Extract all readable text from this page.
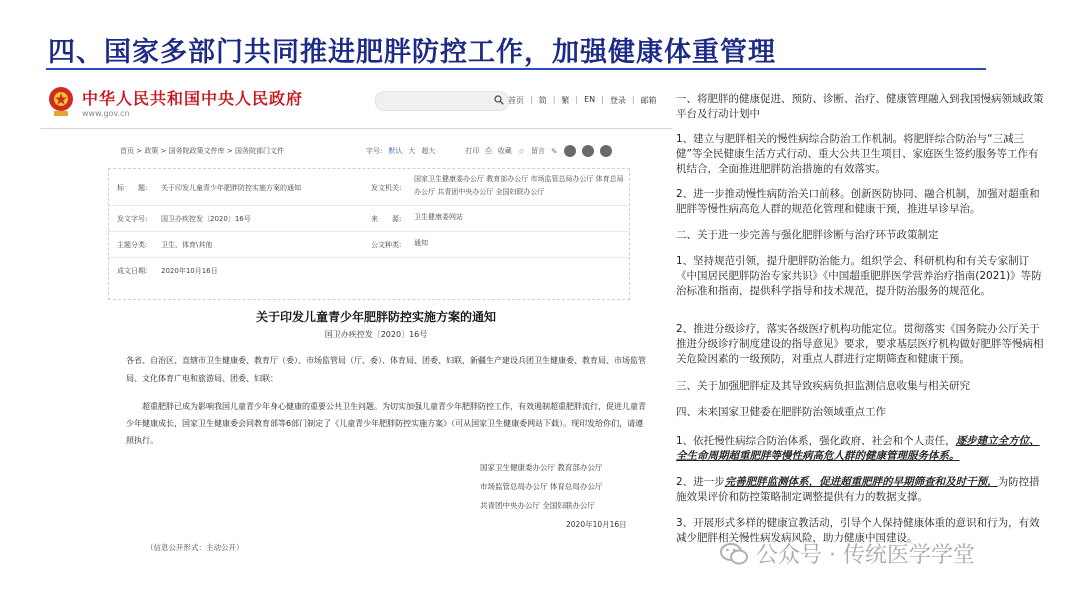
四、国家多部门共同推进肥胖防控工作，加强健康体重管理
中华人民共和国中央人民政府
www.gov.cn
首页 | 简 | 繁 | EN | 登录 | 邮箱
首页 > 政策 > 国务院政策文件库 > 国务院部门文件	字号: 默认 大 超大	打印 ⎙ 收藏 ☆ 留言 ✎
标　　题: 关于印发儿童青少年肥胖防控实施方案的通知	发文机关:
国家卫生健康委办公厅 教育部办公厅 市场监管总局办公厅 体育总局办公厅 共青团中央办公厅 全国妇联办公厅
发文字号: 国卫办疾控发〔2020〕16号	来　　源: 卫生健康委网站
主题分类: 卫生、体育\其他	公文种类: 通知
成文日期: 2020年10月16日
关于印发儿童青少年肥胖防控实施方案的通知
国卫办疾控发〔2020〕16号
各省、自治区、直辖市卫生健康委、教育厅（委）、市场监管局（厅、委）、体育局、团委、妇联，新疆生产建设兵团卫生健康委、教育局、市场监管局、文化体育广电和旅游局、团委、妇联：
超重肥胖已成为影响我国儿童青少年身心健康的重要公共卫生问题。为切实加强儿童青少年肥胖防控工作，有效遏制超重肥胖流行，促进儿童青少年健康成长，国家卫生健康委会同教育部等6部门制定了《儿童青少年肥胖防控实施方案》（可从国家卫生健康委网站下载）。现印发给你们，请遵照执行。
国家卫生健康委办公厅 教育部办公厅
市场监管总局办公厅 体育总局办公厅
共青团中央办公厅 全国妇联办公厅
2020年10月16日
（信息公开形式：主动公开）

一、将肥胖的健康促进、预防、诊断、治疗、健康管理融入到我国慢病领域政策平台及行动计划中

1、建立与肥胖相关的慢性病综合防治工作机制。将肥胖综合防治与“三减三健”等全民健康生活方式行动、重大公共卫生项目、家庭医生签约服务等工作有机结合，全面推进肥胖防治措施的有效落实。

2、进一步推动慢性病防治关口前移。创新医防协同、融合机制，加强对超重和肥胖等慢性病高危人群的规范化管理和健康干预，推进早诊早治。

二、关于进一步完善与强化肥胖诊断与治疗环节政策制定

1、坚持规范引领，提升肥胖防治能力。组织学会、科研机构和有关专家制订《中国居民肥胖防治专家共识》《中国超重肥胖医学营养治疗指南(2021)》等防治标准和指南，提供科学指导和技术规范，提升防治服务的规范化。

2、推进分级诊疗，落实各级医疗机构功能定位。贯彻落实《国务院办公厅关于推进分级诊疗制度建设的指导意见》要求，要求基层医疗机构做好肥胖等慢病相关危险因素的一级预防，对重点人群进行定期筛查和健康干预。

三、关于加强肥胖症及其导致疾病负担监测信息收集与相关研究

四、未来国家卫健委在肥胖防治领域重点工作

1、依托慢性病综合防治体系，强化政府、社会和个人责任，逐步建立全方位、全生命周期超重肥胖等慢性病高危人群的健康管理服务体系。

2、进一步完善肥胖监测体系，促进超重肥胖的早期筛查和及时干预，为防控措施效果评价和防控策略制定调整提供有力的数据支撑。

3、开展形式多样的健康宣教活动，引导个人保持健康体重的意识和行为，有效减少肥胖相关慢性病发病风险，助力健康中国建设。

公众号 · 传统医学学堂
